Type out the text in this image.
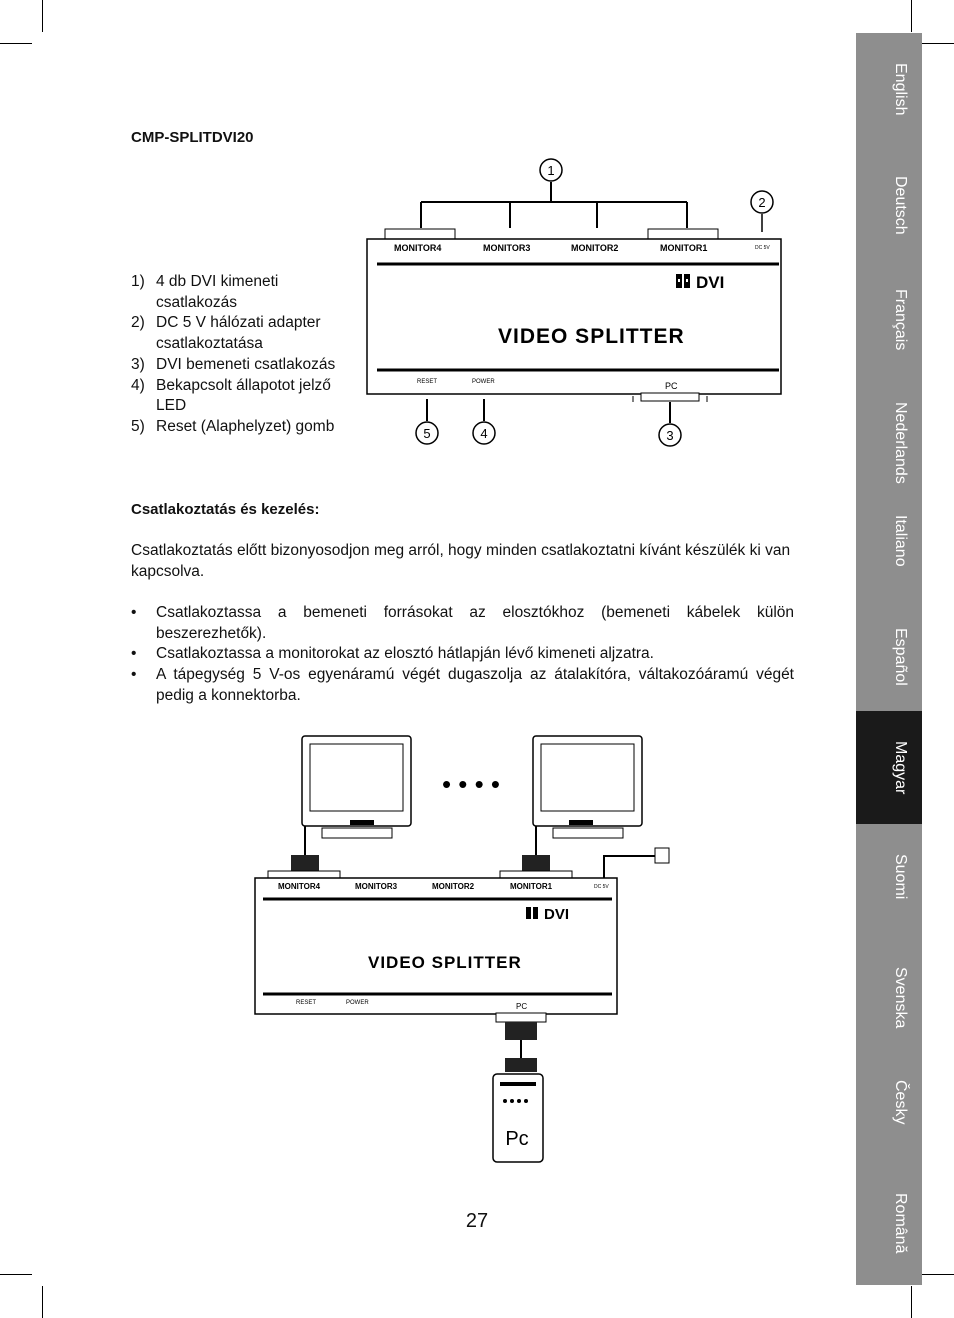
CMP-SPLITDVI20
1
2
MONITOR4	MONITOR3	MONITOR2	MONITOR1	DC 5V
DVI
VIDEO SPLITTER
RESET	POWER	PC
5	4	3
1) 4 db DVI kimeneti csatlakozás
2) DC 5 V hálózati adapter csatlakoztatása
3) DVI bemeneti csatlakozás
4) Bekapcsolt állapotot jelző LED
5) Reset (Alaphelyzet) gomb
Csatlakoztatás és kezelés:

Csatlakoztatás előtt bizonyosodjon meg arról, hogy minden csatlakoztatni kívánt készülék ki van kapcsolva.

• Csatlakoztassa a bemeneti forrásokat az elosztókhoz (bemeneti kábelek külön beszerezhetők).
• Csatlakoztassa a monitorokat az elosztó hátlapján lévő kimeneti aljzatra.
• A tápegység 5 V-os egyenáramú végét dugaszolja az átalakítóra, váltakozóáramú végét pedig a konnektorba.
• • • •
MONITOR4	MONITOR3	MONITOR2	MONITOR1	DC 5V
DVI
VIDEO SPLITTER
RESET	POWER	PC
Pc
27
English
Deutsch
Français
Nederlands
Italiano
Español
Magyar
Suomi
Svenska
Česky
Română
